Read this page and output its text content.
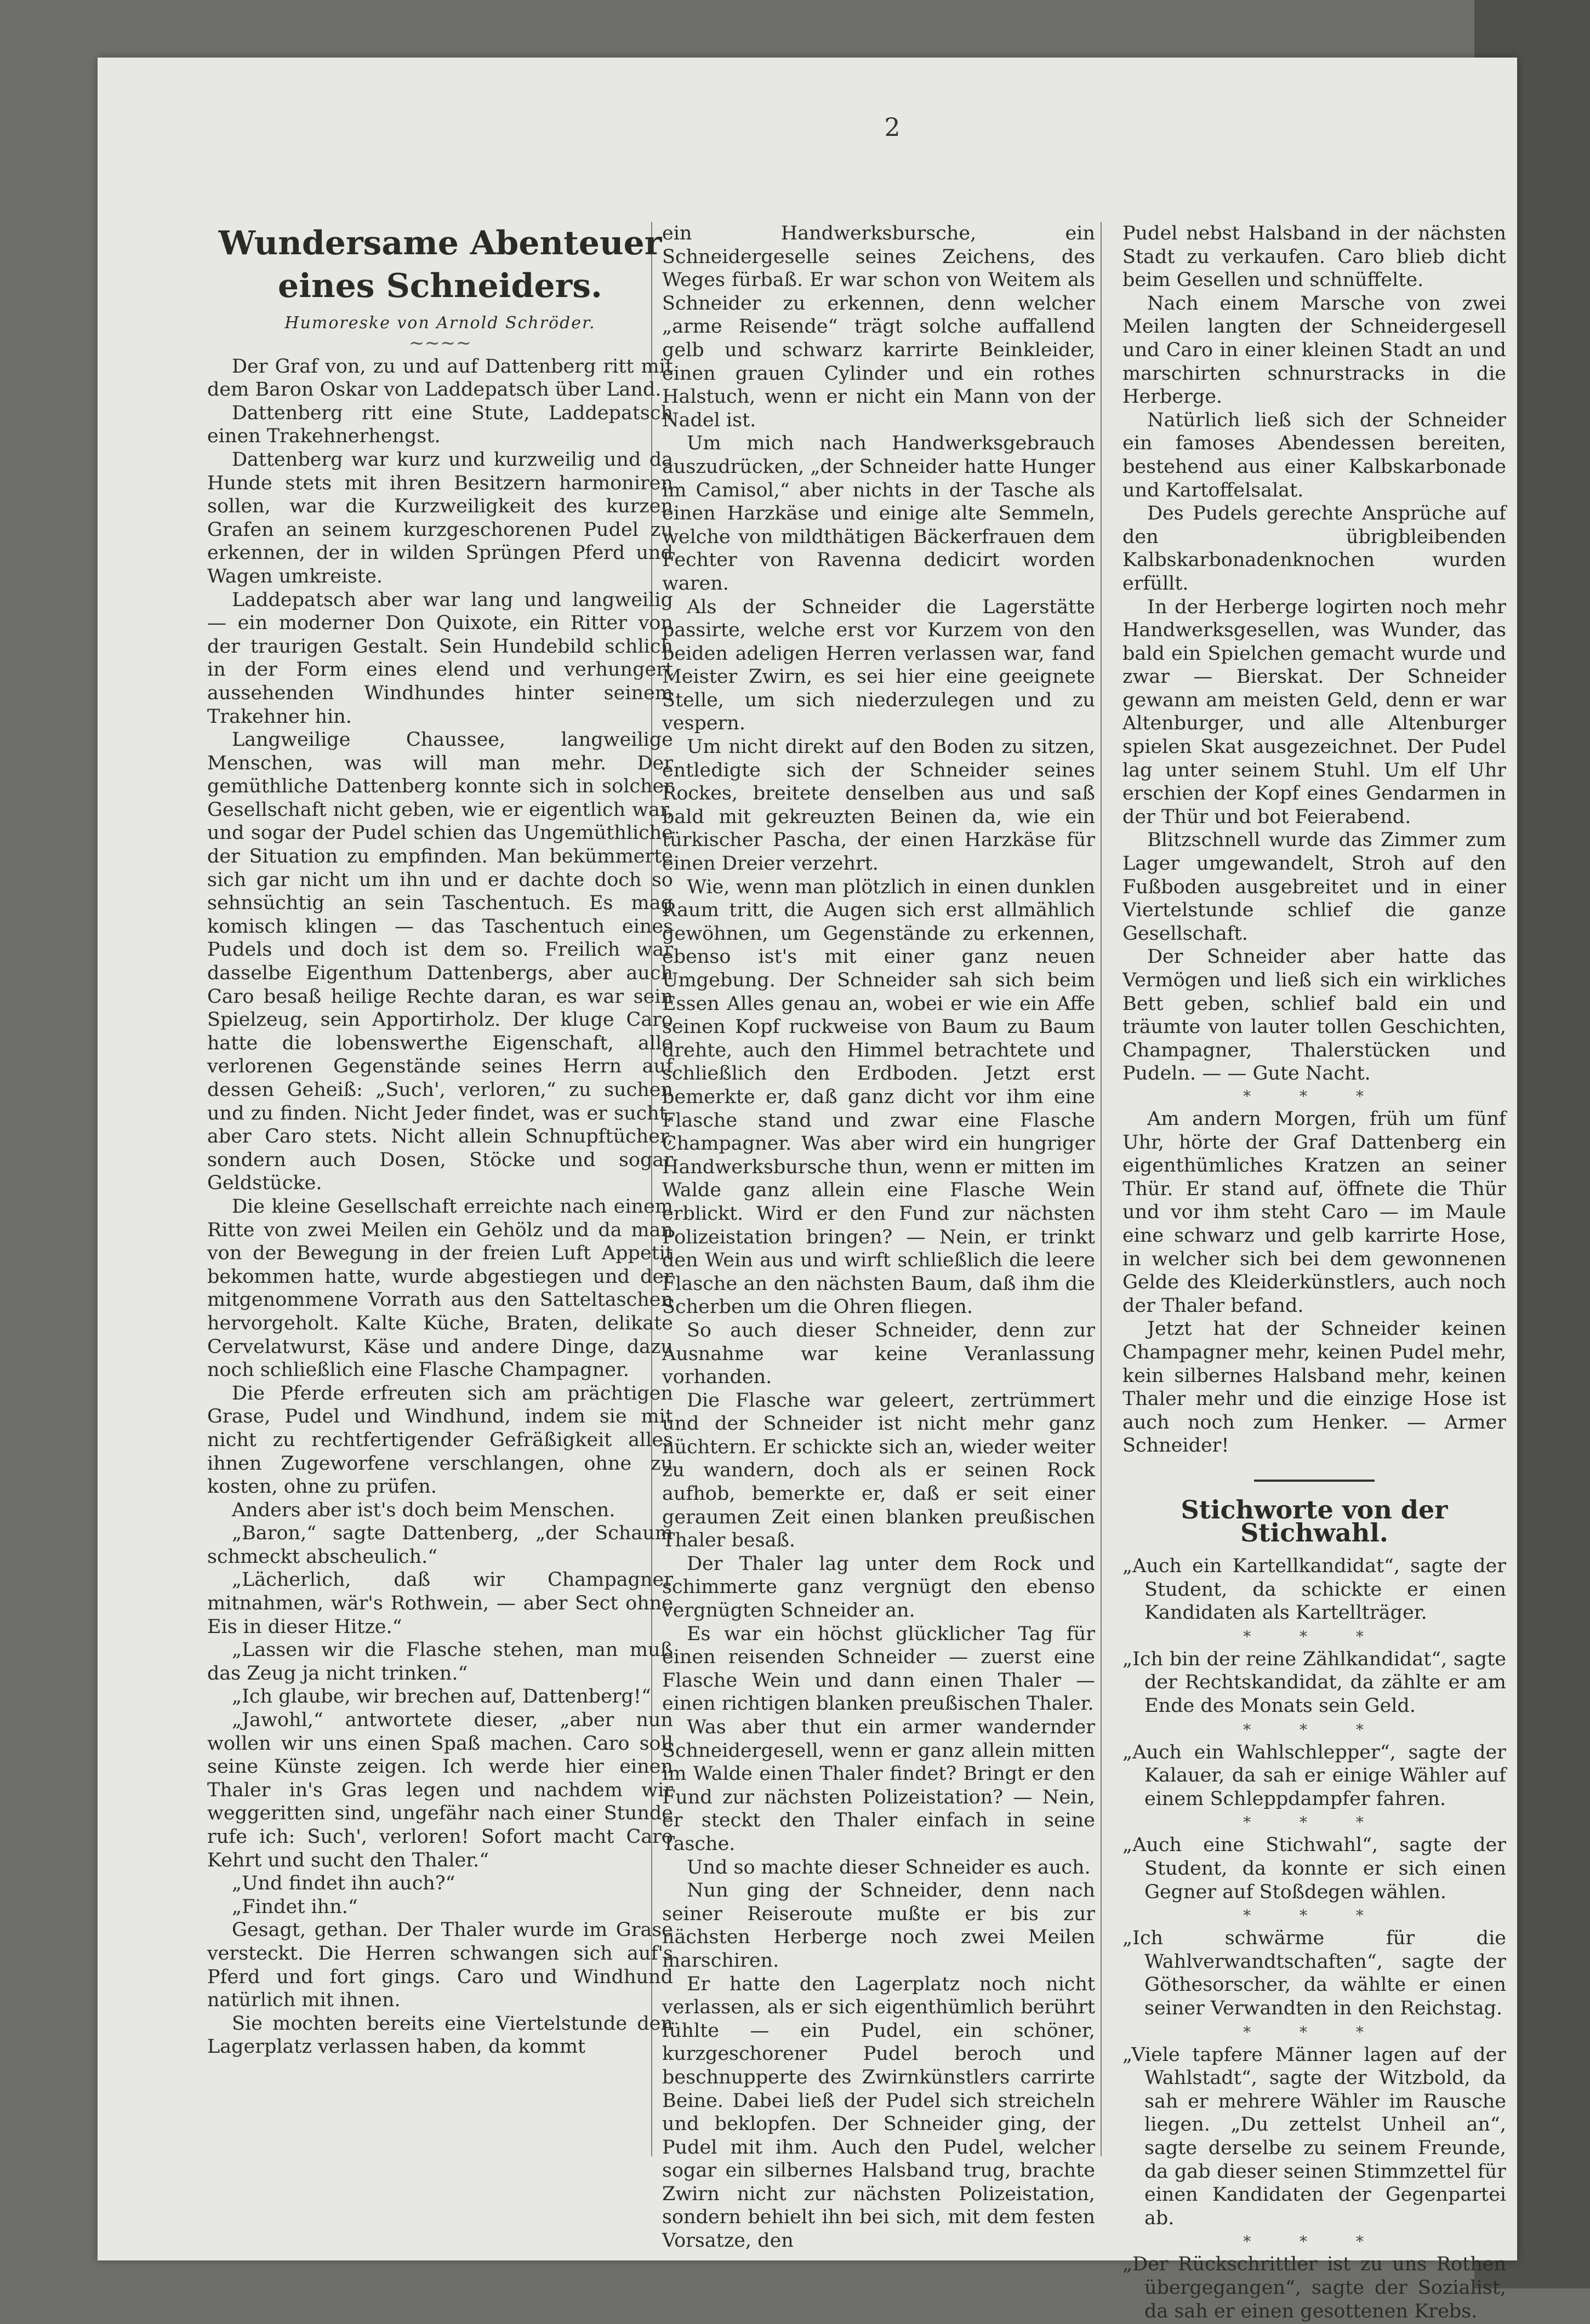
2
Wundersame Abenteuer eines Schneiders.
Humoreske von Arnold Schröder.
~~~~

Der Graf von, zu und auf Dattenberg ritt mit dem Baron Oskar von Laddepatsch über Land.

Dattenberg ritt eine Stute, Laddepatsch einen Trakehnerhengst.

Dattenberg war kurz und kurzweilig und da Hunde stets mit ihren Besitzern harmoniren sollen, war die Kurzweiligkeit des kurzen Grafen an seinem kurzgeschorenen Pudel zu erkennen, der in wilden Sprüngen Pferd und Wagen umkreiste.

Laddepatsch aber war lang und langweilig — ein moderner Don Quixote, ein Ritter von der traurigen Gestalt. Sein Hundebild schlich in der Form eines elend und verhungert aussehenden Windhundes hinter seinem Trakehner hin.

Langweilige Chaussee, langweilige Menschen, was will man mehr. Der gemüthliche Dattenberg konnte sich in solcher Gesellschaft nicht geben, wie er eigentlich war, und sogar der Pudel schien das Ungemüthliche der Situation zu empfinden. Man bekümmerte sich gar nicht um ihn und er dachte doch so sehnsüchtig an sein Taschentuch. Es mag komisch klingen — das Taschentuch eines Pudels und doch ist dem so. Freilich war dasselbe Eigenthum Dattenbergs, aber auch Caro besaß heilige Rechte daran, es war sein Spielzeug, sein Apportirholz. Der kluge Caro hatte die lobenswerthe Eigenschaft, alle verlorenen Gegenstände seines Herrn auf dessen Geheiß: „Such', verloren,“ zu suchen und zu finden. Nicht Jeder findet, was er sucht, aber Caro stets. Nicht allein Schnupftücher, sondern auch Dosen, Stöcke und sogar Geldstücke.

Die kleine Gesellschaft erreichte nach einem Ritte von zwei Meilen ein Gehölz und da man von der Bewegung in der freien Luft Appetit bekommen hatte, wurde abgestiegen und der mitgenommene Vorrath aus den Satteltaschen hervorgeholt. Kalte Küche, Braten, delikate Cervelatwurst, Käse und andere Dinge, dazu noch schließlich eine Flasche Champagner.

Die Pferde erfreuten sich am prächtigen Grase, Pudel und Windhund, indem sie mit nicht zu rechtfertigender Gefräßigkeit alles ihnen Zugeworfene verschlangen, ohne zu kosten, ohne zu prüfen.

Anders aber ist's doch beim Menschen.

„Baron,“ sagte Dattenberg, „der Schaum schmeckt abscheulich.“

„Lächerlich, daß wir Champagner mitnahmen, wär's Rothwein, — aber Sect ohne Eis in dieser Hitze.“

„Lassen wir die Flasche stehen, man muß das Zeug ja nicht trinken.“

„Ich glaube, wir brechen auf, Dattenberg!“

„Jawohl,“ antwortete dieser, „aber nun wollen wir uns einen Spaß machen. Caro soll seine Künste zeigen. Ich werde hier einen Thaler in's Gras legen und nachdem wir weggeritten sind, ungefähr nach einer Stunde rufe ich: Such', verloren! Sofort macht Caro Kehrt und sucht den Thaler.“

„Und findet ihn auch?“

„Findet ihn.“

Gesagt, gethan. Der Thaler wurde im Grase versteckt. Die Herren schwangen sich auf's Pferd und fort gings. Caro und Windhund natürlich mit ihnen.

Sie mochten bereits eine Viertelstunde den Lagerplatz verlassen haben, da kommt

ein Handwerksbursche, ein Schneidergeselle seines Zeichens, des Weges fürbaß. Er war schon von Weitem als Schneider zu erkennen, denn welcher „arme Reisende“ trägt solche auffallend gelb und schwarz karrirte Beinkleider, einen grauen Cylinder und ein rothes Halstuch, wenn er nicht ein Mann von der Nadel ist.

Um mich nach Handwerksgebrauch auszudrücken, „der Schneider hatte Hunger im Camisol,“ aber nichts in der Tasche als einen Harzkäse und einige alte Semmeln, welche von mildthätigen Bäckerfrauen dem Fechter von Ravenna dedicirt worden waren.

Als der Schneider die Lagerstätte passirte, welche erst vor Kurzem von den beiden adeligen Herren verlassen war, fand Meister Zwirn, es sei hier eine geeignete Stelle, um sich niederzulegen und zu vespern.

Um nicht direkt auf den Boden zu sitzen, entledigte sich der Schneider seines Rockes, breitete denselben aus und saß bald mit gekreuzten Beinen da, wie ein türkischer Pascha, der einen Harzkäse für einen Dreier verzehrt.

Wie, wenn man plötzlich in einen dunklen Raum tritt, die Augen sich erst allmählich gewöhnen, um Gegenstände zu erkennen, ebenso ist's mit einer ganz neuen Umgebung. Der Schneider sah sich beim Essen Alles genau an, wobei er wie ein Affe seinen Kopf ruckweise von Baum zu Baum drehte, auch den Himmel betrachtete und schließlich den Erdboden. Jetzt erst bemerkte er, daß ganz dicht vor ihm eine Flasche stand und zwar eine Flasche Champagner. Was aber wird ein hungriger Handwerksbursche thun, wenn er mitten im Walde ganz allein eine Flasche Wein erblickt. Wird er den Fund zur nächsten Polizeistation bringen? — Nein, er trinkt den Wein aus und wirft schließlich die leere Flasche an den nächsten Baum, daß ihm die Scherben um die Ohren fliegen.

So auch dieser Schneider, denn zur Ausnahme war keine Veranlassung vorhanden.

Die Flasche war geleert, zertrümmert und der Schneider ist nicht mehr ganz nüchtern. Er schickte sich an, wieder weiter zu wandern, doch als er seinen Rock aufhob, bemerkte er, daß er seit einer geraumen Zeit einen blanken preußischen Thaler besaß.

Der Thaler lag unter dem Rock und schimmerte ganz vergnügt den ebenso vergnügten Schneider an.

Es war ein höchst glücklicher Tag für einen reisenden Schneider — zuerst eine Flasche Wein und dann einen Thaler — einen richtigen blanken preußischen Thaler.

Was aber thut ein armer wandernder Schneidergesell, wenn er ganz allein mitten im Walde einen Thaler findet? Bringt er den Fund zur nächsten Polizeistation? — Nein, er steckt den Thaler einfach in seine Tasche.

Und so machte dieser Schneider es auch.

Nun ging der Schneider, denn nach seiner Reiseroute mußte er bis zur nächsten Herberge noch zwei Meilen marschiren.

Er hatte den Lagerplatz noch nicht verlassen, als er sich eigenthümlich berührt fühlte — ein Pudel, ein schöner, kurzgeschorener Pudel beroch und beschnupperte des Zwirnkünstlers carrirte Beine. Dabei ließ der Pudel sich streicheln und beklopfen. Der Schneider ging, der Pudel mit ihm. Auch den Pudel, welcher sogar ein silbernes Halsband trug, brachte Zwirn nicht zur nächsten Polizeistation, sondern behielt ihn bei sich, mit dem festen Vorsatze, den

Pudel nebst Halsband in der nächsten Stadt zu verkaufen. Caro blieb dicht beim Gesellen und schnüffelte.

Nach einem Marsche von zwei Meilen langten der Schneidergesell und Caro in einer kleinen Stadt an und marschirten schnurstracks in die Herberge.

Natürlich ließ sich der Schneider ein famoses Abendessen bereiten, bestehend aus einer Kalbskarbonade und Kartoffelsalat.

Des Pudels gerechte Ansprüche auf den übrigbleibenden Kalbskarbonadenknochen wurden erfüllt.

In der Herberge logirten noch mehr Handwerksgesellen, was Wunder, das bald ein Spielchen gemacht wurde und zwar — Bierskat. Der Schneider gewann am meisten Geld, denn er war Altenburger, und alle Altenburger spielen Skat ausgezeichnet. Der Pudel lag unter seinem Stuhl. Um elf Uhr erschien der Kopf eines Gendarmen in der Thür und bot Feierabend.

Blitzschnell wurde das Zimmer zum Lager umgewandelt, Stroh auf den Fußboden ausgebreitet und in einer Viertelstunde schlief die ganze Gesellschaft.

Der Schneider aber hatte das Vermögen und ließ sich ein wirkliches Bett geben, schlief bald ein und träumte von lauter tollen Geschichten, Champagner, Thalerstücken und Pudeln. — — Gute Nacht.

* * *

Am andern Morgen, früh um fünf Uhr, hörte der Graf Dattenberg ein eigenthümliches Kratzen an seiner Thür. Er stand auf, öffnete die Thür und vor ihm steht Caro — im Maule eine schwarz und gelb karrirte Hose, in welcher sich bei dem gewonnenen Gelde des Kleiderkünstlers, auch noch der Thaler befand.

Jetzt hat der Schneider keinen Champagner mehr, keinen Pudel mehr, kein silbernes Halsband mehr, keinen Thaler mehr und die einzige Hose ist auch noch zum Henker. — Armer Schneider!

Stichworte von der Stichwahl.

„Auch ein Kartellkandidat“, sagte der Student, da schickte er einen Kandidaten als Kartellträger.

* * *

„Ich bin der reine Zählkandidat“, sagte der Rechtskandidat, da zählte er am Ende des Monats sein Geld.

* * *

„Auch ein Wahlschlepper“, sagte der Kalauer, da sah er einige Wähler auf einem Schleppdampfer fahren.

* * *

„Auch eine Stichwahl“, sagte der Student, da konnte er sich einen Gegner auf Stoßdegen wählen.

* * *

„Ich schwärme für die Wahlverwandtschaften“, sagte der Göthesorscher, da wählte er einen seiner Verwandten in den Reichstag.

* * *

„Viele tapfere Männer lagen auf der Wahlstadt“, sagte der Witzbold, da sah er mehrere Wähler im Rausche liegen. „Du zettelst Unheil an“, sagte derselbe zu seinem Freunde, da gab dieser seinen Stimmzettel für einen Kandidaten der Gegenpartei ab.

* * *

„Der Rückschrittler ist zu uns Rothen übergegangen“, sagte der Sozialist, da sah er einen gesottenen Krebs.
